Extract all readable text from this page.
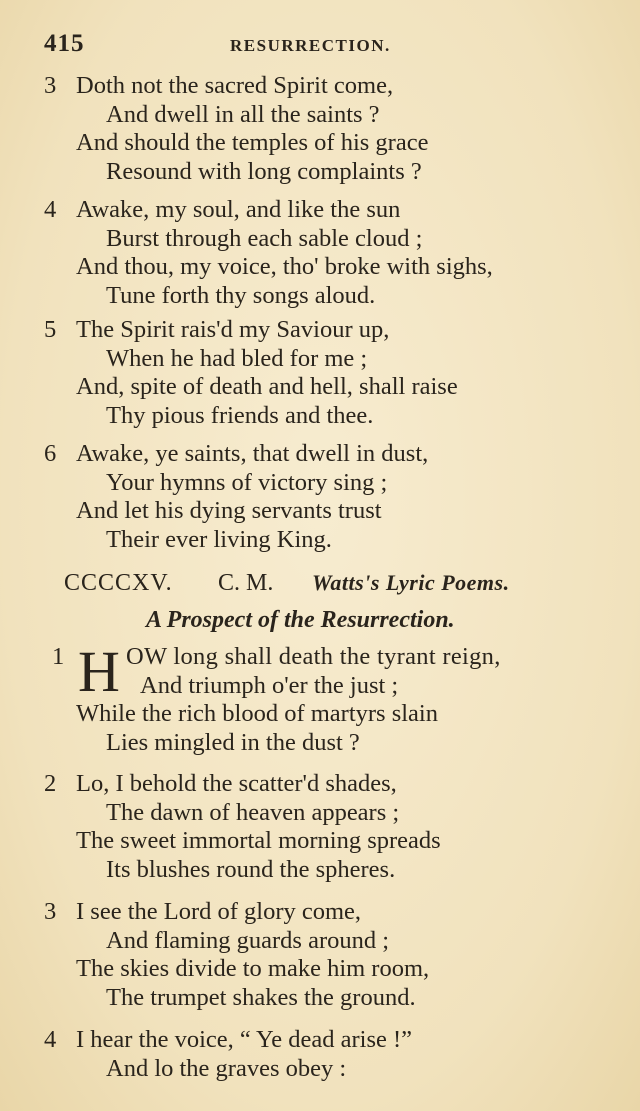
415	RESURRECTION.
3 Doth not the sacred Spirit come,
And dwell in all the saints ?
And should the temples of his grace
Resound with long complaints ?
4 Awake, my soul, and like the sun
Burst through each sable cloud ;
And thou, my voice, tho' broke with sighs,
Tune forth thy songs aloud.
5 The Spirit rais'd my Saviour up,
When he had bled for me ;
And, spite of death and hell, shall raise
Thy pious friends and thee.
6 Awake, ye saints, that dwell in dust,
Your hymns of victory sing ;
And let his dying servants trust
Their ever living King.
CCCCXV. C. M. Watts's Lyric Poems.
A Prospect of the Resurrection.
1 H OW long shall death the tyrant reign,
And triumph o'er the just ;
While the rich blood of martyrs slain
Lies mingled in the dust ?
2 Lo, I behold the scatter'd shades,
The dawn of heaven appears ;
The sweet immortal morning spreads
Its blushes round the spheres.
3 I see the Lord of glory come,
And flaming guards around ;
The skies divide to make him room,
The trumpet shakes the ground.
4 I hear the voice, “ Ye dead arise !”
And lo the graves obey :
